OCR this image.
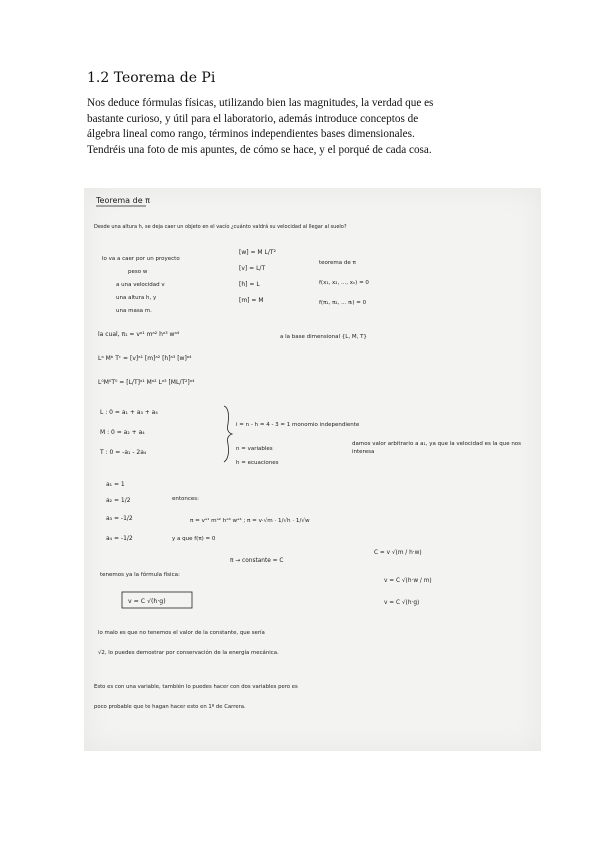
1.2 Teorema de Pi

Nos deduce fórmulas físicas, utilizando bien las magnitudes, la verdad que es

bastante curioso, y útil para el laboratorio, además introduce conceptos de

álgebra lineal como rango, términos independientes bases dimensionales.

Tendréis una foto de mis apuntes, de cómo se hace, y el porqué de cada cosa.

Teorema de π
Desde una altura h, se deja caer un objeto en el vacío ¿cuánto valdrá su velocidad al llegar al suelo?
lo va a caer por un proyecto
peso w
a una velocidad v
una altura h, y
una masa m.
[w] = M L/T²
[v] = L/T
[h] = L
[m] = M
teorema de π
f(x₁, x₂, ..., xₙ) = 0
f(π₁, π₂, ... πᵢ) = 0
la cual, π₁ = vᵃ¹ mᵃ² hᵃ³ wᵃ⁴	a la base dimensional {L, M, T}
Lᵃ Mᵇ Tᶜ = [v]ᵃ¹ [m]ᵃ² [h]ᵃ³ [w]ᵃ⁴
L⁰M⁰T⁰ = [L/T]ᵃ¹ Mᵃ² Lᵃ³ [ML/T²]ᵃ⁴
L : 0 = a₁ + a₃ + a₄
M : 0 = a₂ + a₄
T : 0 = -a₁ - 2a₄
i = n - h = 4 - 3 = 1 monomio independiente
n = variables
h = ecuaciones
damos valor arbitrario a a₁, ya que la velocidad es la que nos interesa
a₁ = 1
a₂ = 1/2
a₃ = -1/2
a₄ = -1/2
entonces:
π = vᵃ¹ mᵃ² hᵃ³ wᵃ⁴ ; π = v·√m · 1/√h · 1/√w
y a que f(π) = 0
π → constante = C
C = v √(m / h·w)
v = C √(h·w / m)
v = C √(h·g)
tenemos ya la fórmula física:
v = C √(h·g)
lo malo es que no tenemos el valor de la constante, que sería
√2, lo puedes demostrar por conservación de la energía mecánica.
Esto es con una variable, también lo puedes hacer con dos variables pero es
poco probable que te hagan hacer esto en 1º de Carrera.
